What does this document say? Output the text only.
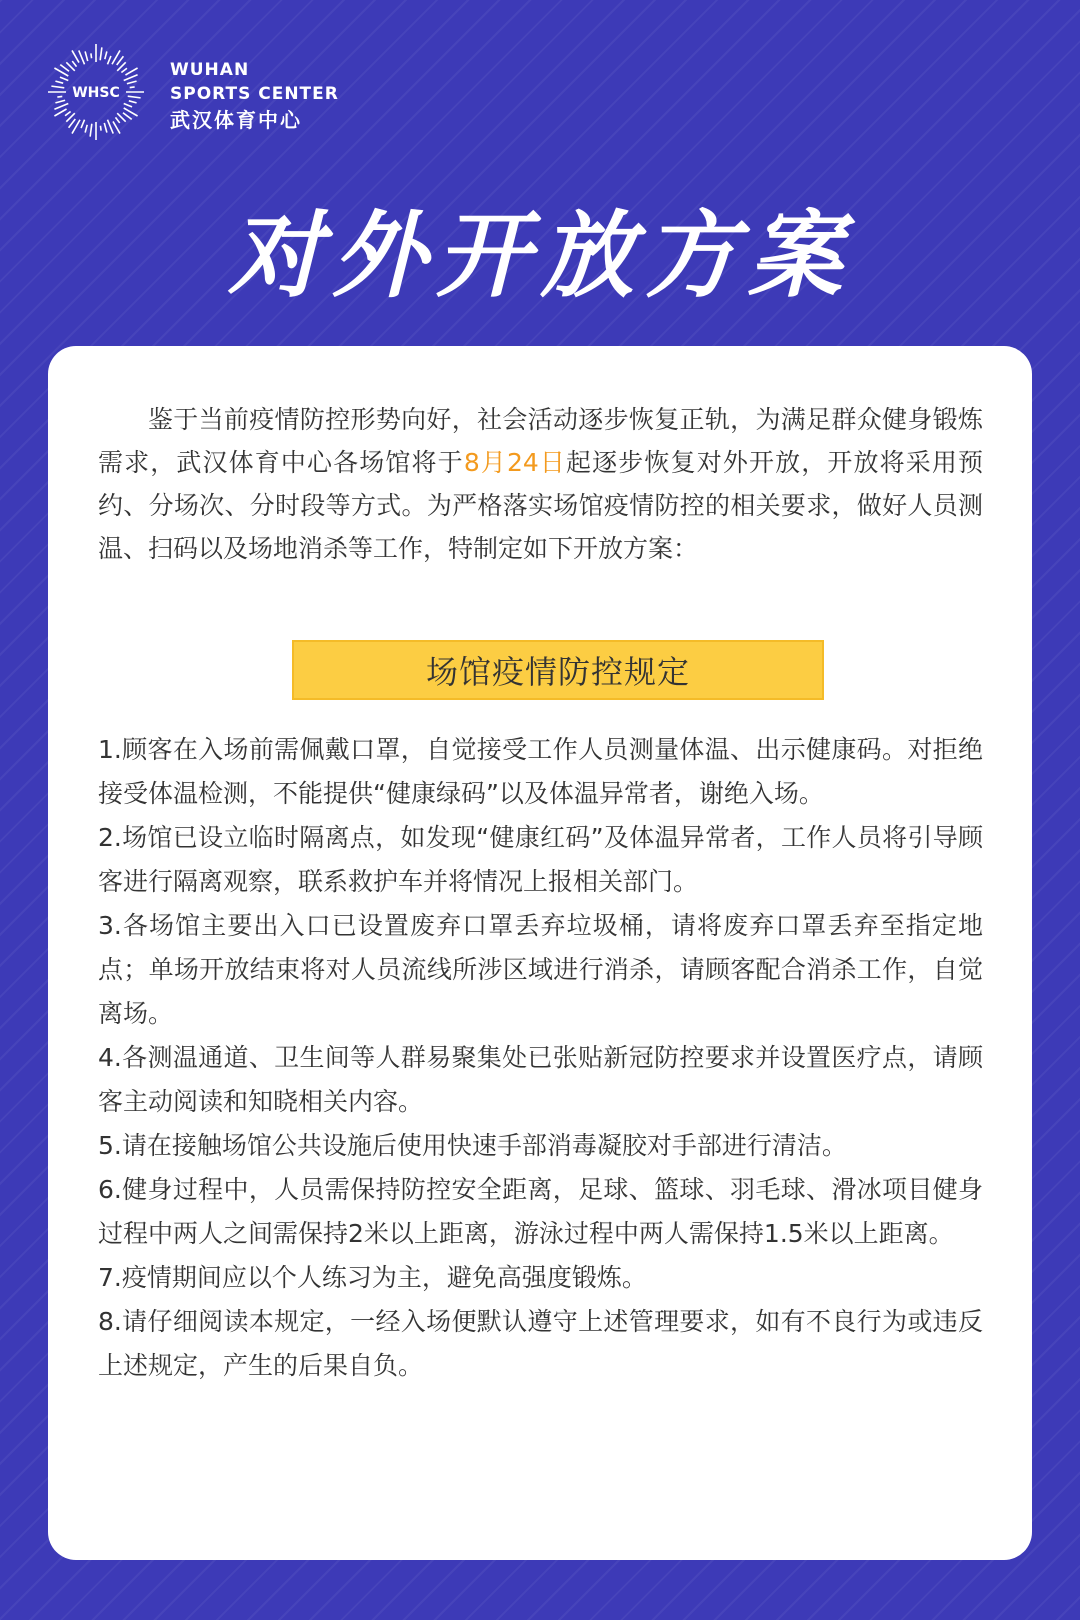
WHSC
WUHAN
SPORTS CENTER
武汉体育中心
对外开放方案

鉴于当前疫情防控形势向好，社会活动逐步恢复正轨，为满足群众健身锻炼需求，武汉体育中心各场馆将于8月24日起逐步恢复对外开放，开放将采用预约、分场次、分时段等方式。为严格落实场馆疫情防控的相关要求，做好人员测温、扫码以及场地消杀等工作，特制定如下开放方案：

场馆疫情防控规定

1.顾客在入场前需佩戴口罩，自觉接受工作人员测量体温、出示健康码。对拒绝接受体温检测，不能提供“健康绿码”以及体温异常者，谢绝入场。

2.场馆已设立临时隔离点，如发现“健康红码”及体温异常者，工作人员将引导顾客进行隔离观察，联系救护车并将情况上报相关部门。

3.各场馆主要出入口已设置废弃口罩丢弃垃圾桶，请将废弃口罩丢弃至指定地点；单场开放结束将对人员流线所涉区域进行消杀，请顾客配合消杀工作，自觉离场。

4.各测温通道、卫生间等人群易聚集处已张贴新冠防控要求并设置医疗点，请顾客主动阅读和知晓相关内容。

5.请在接触场馆公共设施后使用快速手部消毒凝胶对手部进行清洁。

6.健身过程中，人员需保持防控安全距离，足球、篮球、羽毛球、滑冰项目健身过程中两人之间需保持2米以上距离，游泳过程中两人需保持1.5米以上距离。

7.疫情期间应以个人练习为主，避免高强度锻炼。

8.请仔细阅读本规定，一经入场便默认遵守上述管理要求，如有不良行为或违反上述规定，产生的后果自负。
